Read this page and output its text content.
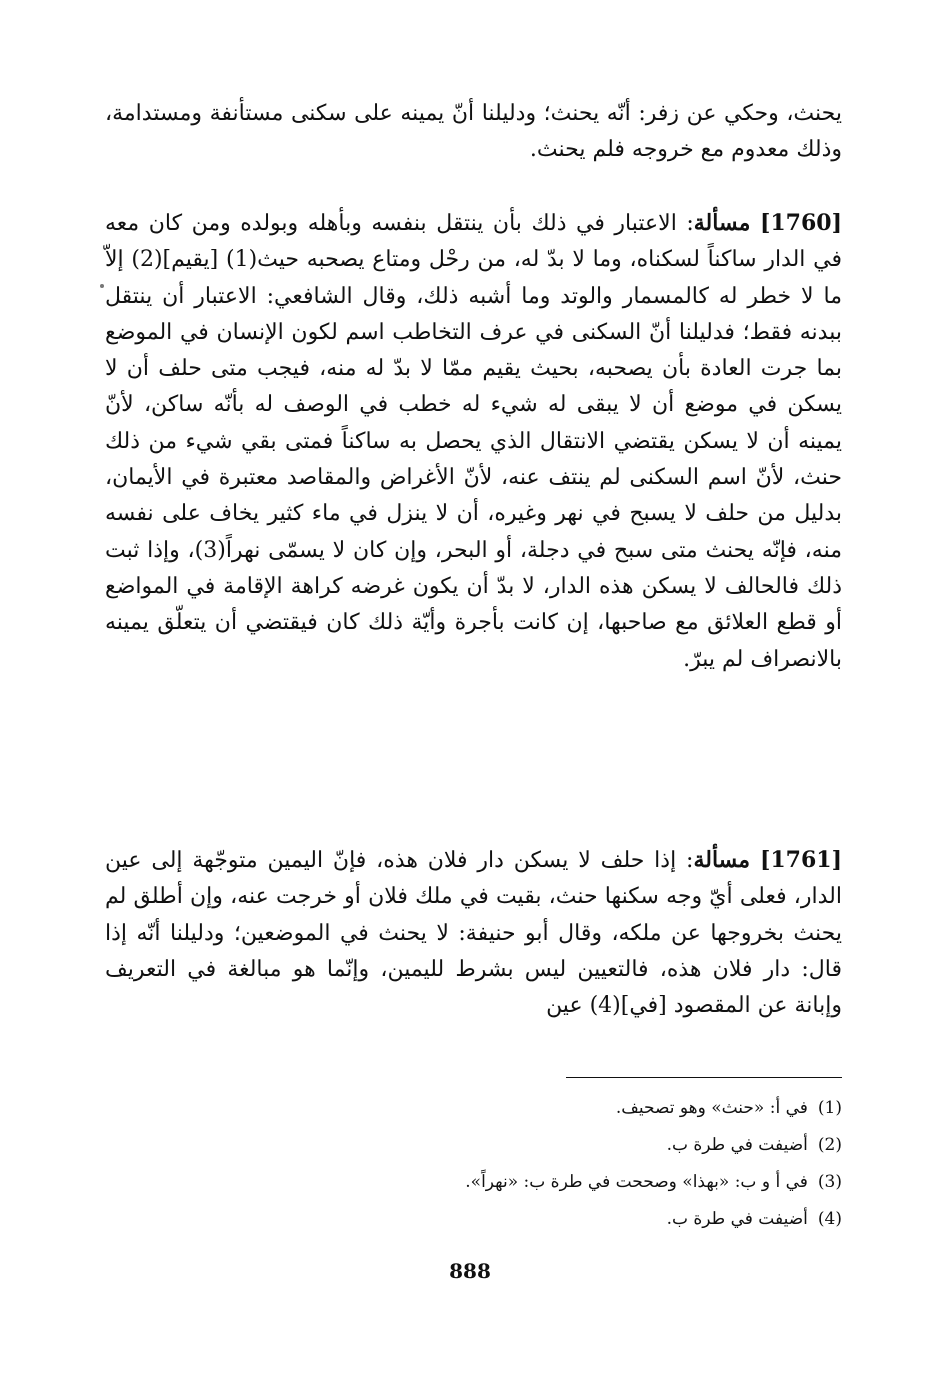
يحنث، وحكي عن زفر: أنّه يحنث؛ ودليلنا أنّ يمينه على سكنى مستأنفة ومستدامة، وذلك معدوم مع خروجه فلم يحنث.

[1760] مسألة: الاعتبار في ذلك بأن ينتقل بنفسه وبأهله وبولده ومن كان معه في الدار ساكناً لسكناه، وما لا بدّ له، من رحْل ومتاع يصحبه حيث(1) [يقيم](2) إلاّ ما لا خطر له كالمسمار والوتد وما أشبه ذلك، وقال الشافعي: الاعتبار أن ينتقل ببدنه فقط؛ فدليلنا أنّ السكنى في عرف التخاطب اسم لكون الإنسان في الموضع بما جرت العادة بأن يصحبه، بحيث يقيم ممّا لا بدّ له منه، فيجب متى حلف أن لا يسكن في موضع أن لا يبقى له شيء له خطب في الوصف له بأنّه ساكن، لأنّ يمينه أن لا يسكن يقتضي الانتقال الذي يحصل به ساكناً فمتى بقي شيء من ذلك حنث، لأنّ اسم السكنى لم ينتف عنه، لأنّ الأغراض والمقاصد معتبرة في الأيمان، بدليل من حلف لا يسبح في نهر وغيره، أن لا ينزل في ماء كثير يخاف على نفسه منه، فإنّه يحنث متى سبح في دجلة، أو البحر، وإن كان لا يسمّى نهراً(3)، وإذا ثبت ذلك فالحالف لا يسكن هذه الدار، لا بدّ أن يكون غرضه كراهة الإقامة في المواضع أو قطع العلائق مع صاحبها، إن كانت بأجرة وأيّة ذلك كان فيقتضي أن يتعلّق يمينه بالانصراف لم يبرّ.

[1761] مسألة: إذا حلف لا يسكن دار فلان هذه، فإنّ اليمين متوجّهة إلى عين الدار، فعلى أيّ وجه سكنها حنث، بقيت في ملك فلان أو خرجت عنه، وإن أطلق لم يحنث بخروجها عن ملكه، وقال أبو حنيفة: لا يحنث في الموضعين؛ ودليلنا أنّه إذا قال: دار فلان هذه، فالتعيين ليس بشرط لليمين، وإنّما هو مبالغة في التعريف وإبانة عن المقصود [في](4) عين

(1)في أ: «حنث» وهو تصحيف.
(2)أضيفت في طرة ب.
(3)في أ و ب: «بهذا» وصححت في طرة ب: «نهراً».
(4)أضيفت في طرة ب.
888
